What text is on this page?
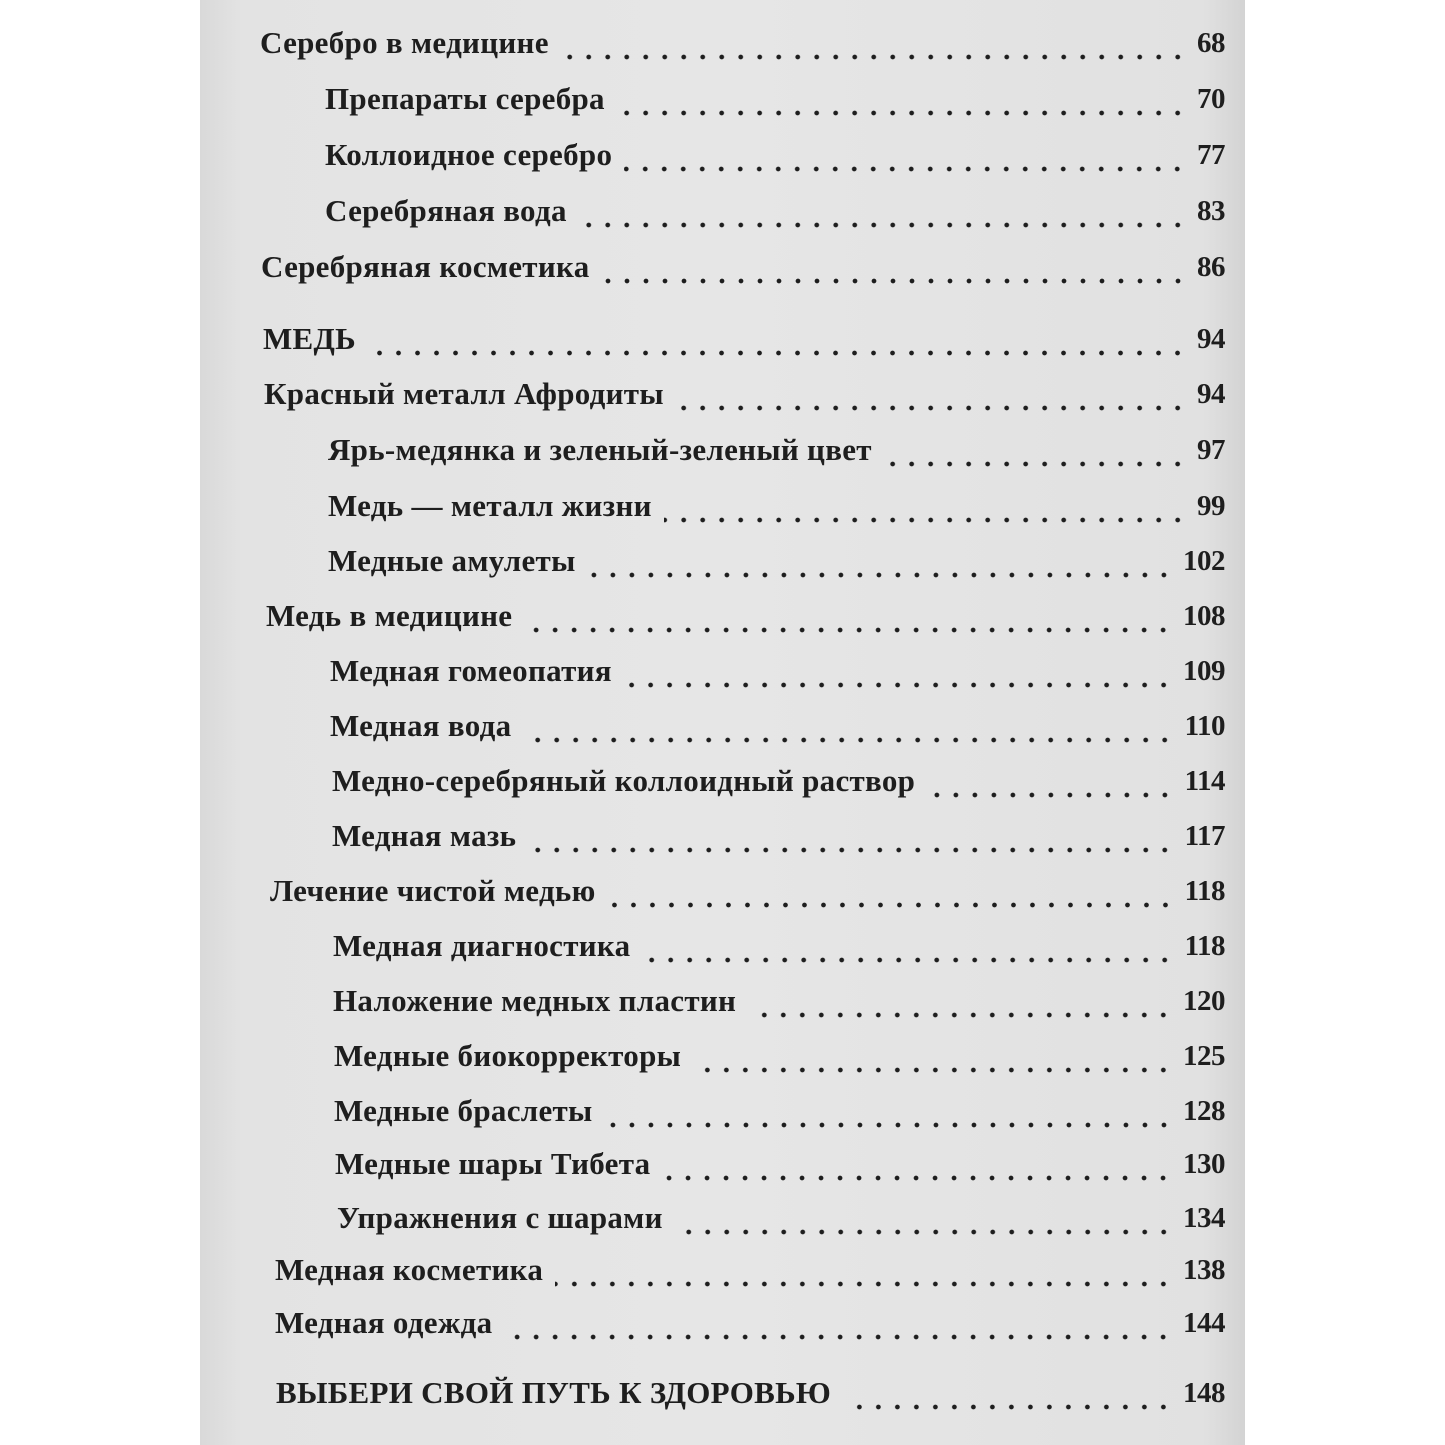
Серебро в медицине	68
Препараты серебра	70
Коллоидное серебро	77
Серебряная вода	83
Серебряная косметика	86
МЕДЬ	94
Красный металл Афродиты	94
Ярь-медянка и зеленый-зеленый цвет	97
Медь — металл жизни	99
Медные амулеты	102
Медь в медицине	108
Медная гомеопатия	109
Медная вода	110
Медно-серебряный коллоидный раствор	114
Медная мазь	117
Лечение чистой медью	118
Медная диагностика	118
Наложение медных пластин	120
Медные биокорректоры	125
Медные браслеты	128
Медные шары Тибета	130
Упражнения с шарами	134
Медная косметика	138
Медная одежда	144
ВЫБЕРИ СВОЙ ПУТЬ К ЗДОРОВЬЮ	148
